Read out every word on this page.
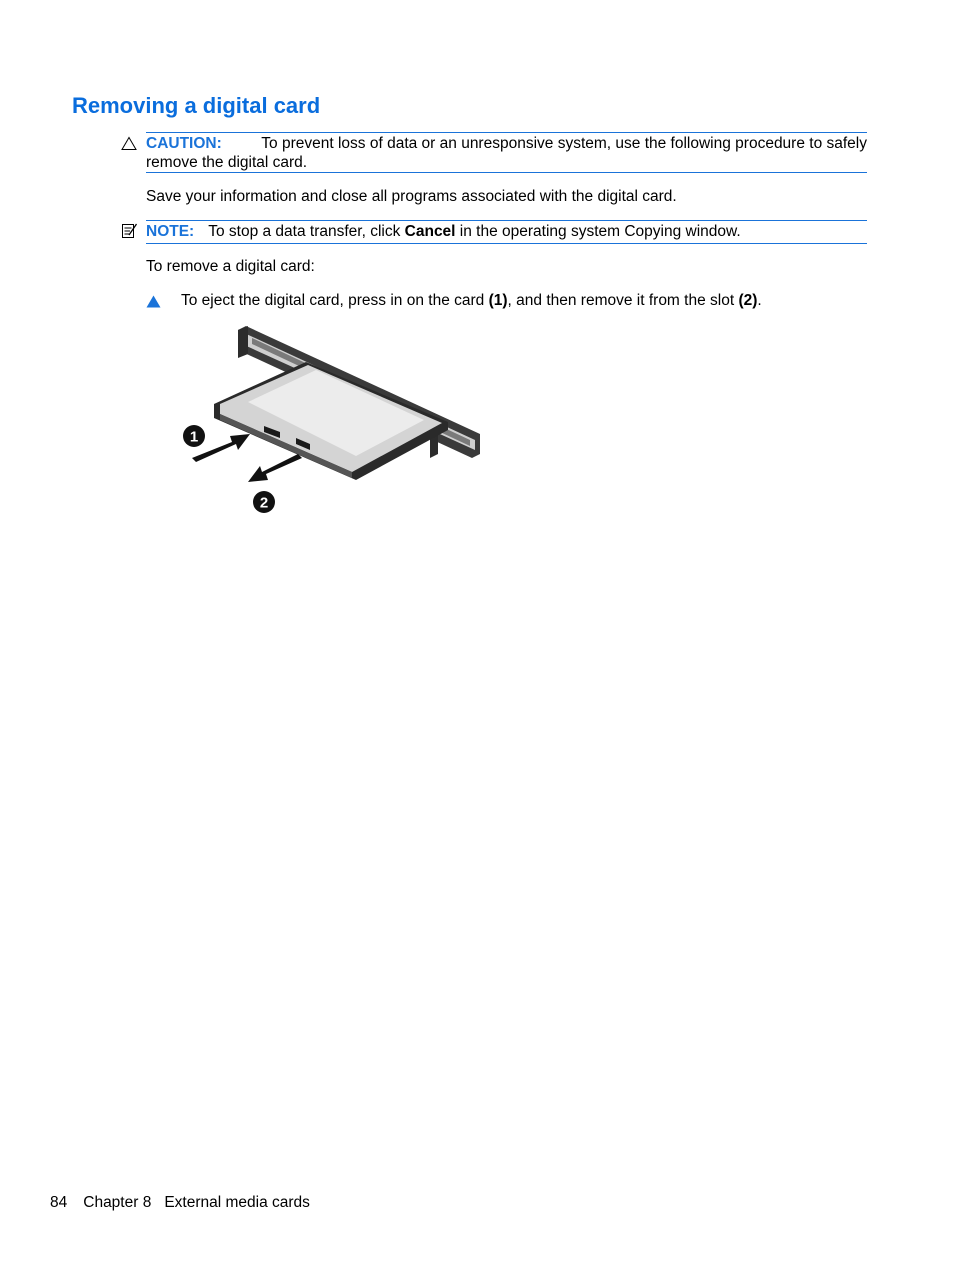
Removing a digital card
CAUTION:	To prevent loss of data or an unresponsive system, use the following procedure to safely
remove the digital card.

Save your information and close all programs associated with the digital card.

NOTE: To stop a data transfer, click Cancel in the operating system Copying window.

To remove a digital card:

To eject the digital card, press in on the card (1), and then remove it from the slot (2).
1
2
84 Chapter 8 External media cards
